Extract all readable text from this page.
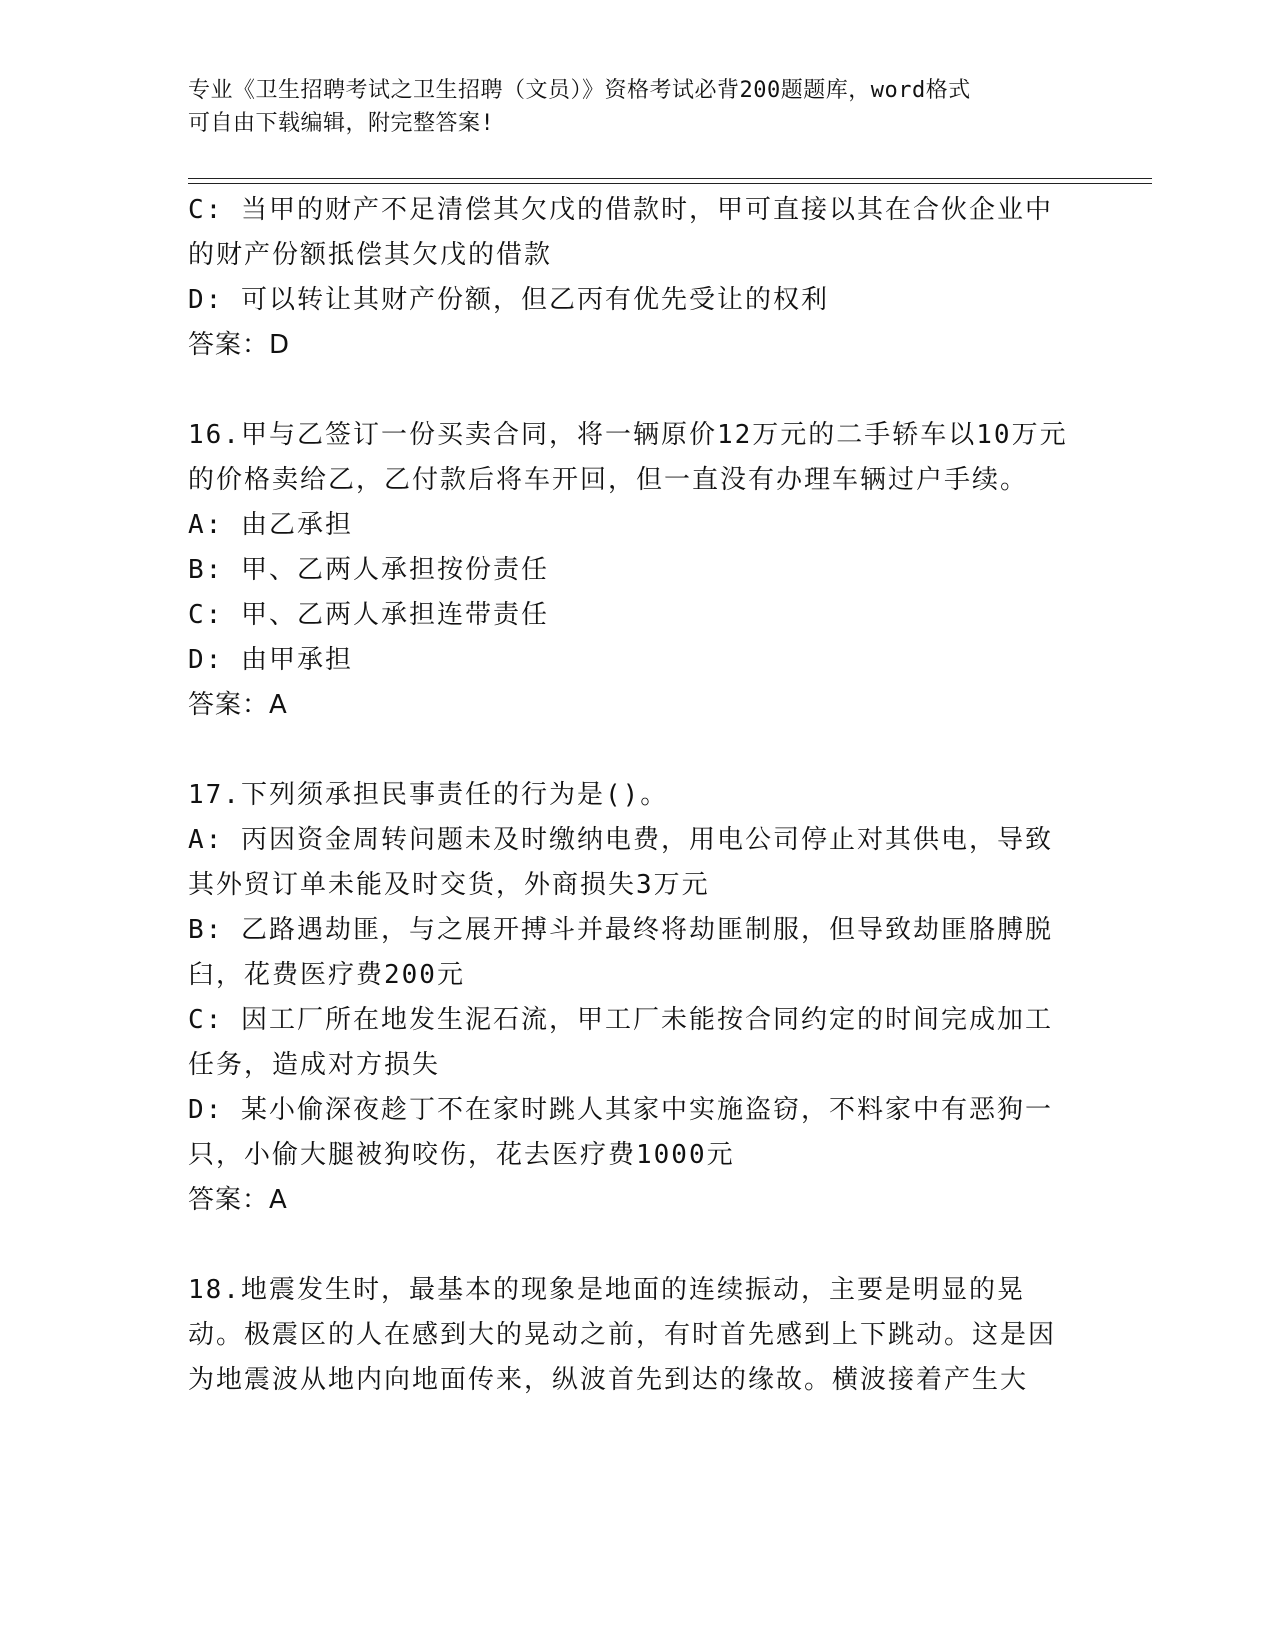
专业《卫生招聘考试之卫生招聘（文员）》资格考试必背200题题库，word格式
可自由下载编辑，附完整答案!

C: 当甲的财产不足清偿其欠戊的借款时，甲可直接以其在合伙企业中的财产份额抵偿其欠戊的借款

D: 可以转让其财产份额，但乙丙有优先受让的权利

答案：D

16.甲与乙签订一份买卖合同，将一辆原价12万元的二手轿车以10万元的价格卖给乙，乙付款后将车开回，但一直没有办理车辆过户手续。

A: 由乙承担

B: 甲、乙两人承担按份责任

C: 甲、乙两人承担连带责任

D: 由甲承担

答案：A

17.下列须承担民事责任的行为是()。

A: 丙因资金周转问题未及时缴纳电费，用电公司停止对其供电，导致其外贸订单未能及时交货，外商损失3万元

B: 乙路遇劫匪，与之展开搏斗并最终将劫匪制服，但导致劫匪胳膊脱臼，花费医疗费200元

C: 因工厂所在地发生泥石流，甲工厂未能按合同约定的时间完成加工任务，造成对方损失

D: 某小偷深夜趁丁不在家时跳人其家中实施盗窃，不料家中有恶狗一只，小偷大腿被狗咬伤，花去医疗费1000元

答案：A

18.地震发生时，最基本的现象是地面的连续振动，主要是明显的晃动。极震区的人在感到大的晃动之前，有时首先感到上下跳动。这是因为地震波从地内向地面传来，纵波首先到达的缘故。横波接着产生大
